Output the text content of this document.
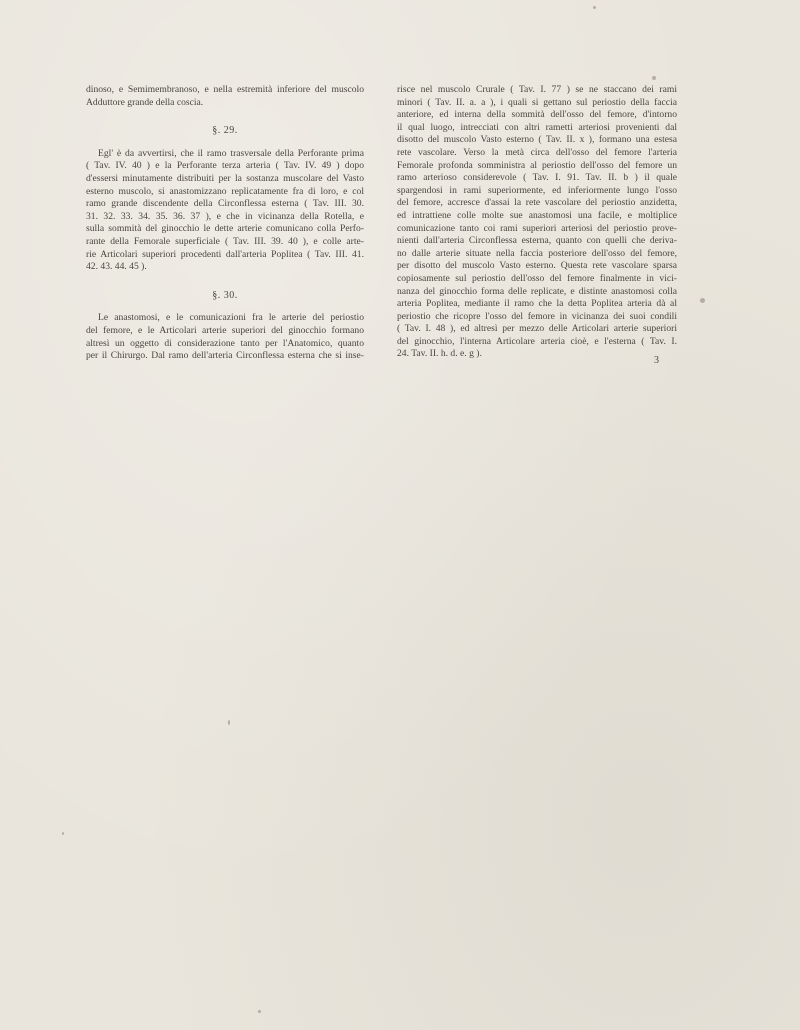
dinoso, e Semimembranoso, e nella estremità inferiore del muscolo
Adduttore grande della coscia.

§. 29.

Egl' è da avvertirsi, che il ramo trasversale della Perforante prima
( Tav. IV. 40 ) e la Perforante terza arteria ( Tav. IV. 49 ) dopo
d'essersi minutamente distribuiti per la sostanza muscolare del Vasto
esterno muscolo, si anastomizzano replicatamente fra di loro, e col
ramo grande discendente della Circonflessa esterna ( Tav. III. 30.
31. 32. 33. 34. 35. 36. 37 ), e che in vicinanza della Rotella, e
sulla sommità del ginocchio le dette arterie comunicano colla Perfo-
rante della Femorale superficiale ( Tav. III. 39. 40 ), e colle arte-
rie Articolari superiori procedenti dall'arteria Poplitea ( Tav. III. 41.
42. 43. 44. 45 ).

§. 30.

Le anastomosi, e le comunicazioni fra le arterie del periostio
del femore, e le Articolari arterie superiori del ginocchio formano
altresì un oggetto di considerazione tanto per l'Anatomico, quanto
per il Chirurgo. Dal ramo dell'arteria Circonflessa esterna che si inse-

risce nel muscolo Crurale ( Tav. I. 77 ) se ne staccano dei rami
minori ( Tav. II. a. a ), i quali si gettano sul periostio della faccia
anteriore, ed interna della sommità dell'osso del femore, d'intorno
il qual luogo, intrecciati con altri rametti arteriosi provenienti dal
disotto del muscolo Vasto esterno ( Tav. II. x ), formano una estesa
rete vascolare. Verso la metà circa dell'osso del femore l'arteria
Femorale profonda somministra al periostio dell'osso del femore un
ramo arterioso considerevole ( Tav. I. 91. Tav. II. b ) il quale
spargendosi in rami superiormente, ed inferiormente lungo l'osso
del femore, accresce d'assai la rete vascolare del periostio anzidetta,
ed intrattiene colle molte sue anastomosi una facile, e moltiplice
comunicazione tanto coi rami superiori arteriosi del periostio prove-
nienti dall'arteria Circonflessa esterna, quanto con quelli che deriva-
no dalle arterie situate nella faccia posteriore dell'osso del femore,
per disotto del muscolo Vasto esterno. Questa rete vascolare sparsa
copiosamente sul periostio dell'osso del femore finalmente in vici-
nanza del ginocchio forma delle replicate, e distinte anastomosi colla
arteria Poplitea, mediante il ramo che la detta Poplitea arteria dà al
periostio che ricopre l'osso del femore in vicinanza dei suoi condili
( Tav. I. 48 ), ed altresì per mezzo delle Articolari arterie superiori
del ginocchio, l'interna Articolare arteria cioè, e l'esterna ( Tav. I.
24. Tav. II. h. d. e. g ).

3
